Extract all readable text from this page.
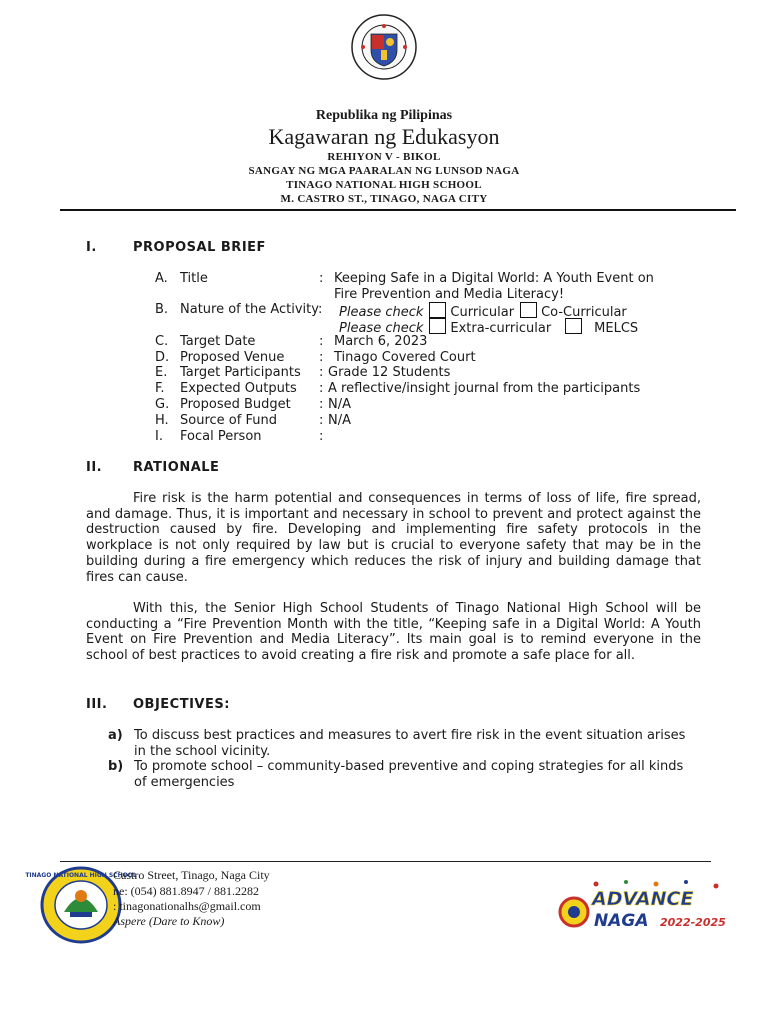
Republika ng Pilipinas
Kagawaran ng Edukasyon
REHIYON V - BIKOL
SANGAY NG MGA PAARALAN NG LUNSOD NAGA
TINAGO NATIONAL HIGH SCHOOL
M. CASTRO ST., TINAGO, NAGA CITY
I.	PROPOSAL BRIEF
A. Title	: Keeping Safe in a Digital World: A Youth Event on
Fire Prevention and Media Literacy!
B. Nature of the Activity: Please check Curricular Co-Curricular
Please check Extra-curricular	MELCS
C. Target Date	: March 6, 2023
D. Proposed Venue	: Tinago Covered Court
E. Target Participants : Grade 12 Students
F. Expected Outputs : A reflective/insight journal from the participants
G. Proposed Budget : N/A
H. Source of Fund	: N/A
I. Focal Person	:
II. RATIONALE
Fire risk is the harm potential and consequences in terms of loss of life, fire spread, and damage. Thus, it is important and necessary in school to prevent and protect against the destruction caused by fire. Developing and implementing fire safety protocols in the workplace is not only required by law but is crucial to everyone safety that may be in the building during a fire emergency which reduces the risk of injury and building damage that fires can cause.
With this, the Senior High School Students of Tinago National High School will be conducting a “Fire Prevention Month with the title, “Keeping safe in a Digital World: A Youth Event on Fire Prevention and Media Literacy”. Its main goal is to remind everyone in the school of best practices to avoid creating a fire risk and promote a safe place for all.
III. OBJECTIVES:
a) To discuss best practices and measures to avert fire risk in the event situation arises in the school vicinity.
b) To promote school – community-based preventive and coping strategies for all kinds of emergencies
TINAGO NATIONAL HIGH SCHOOL
Castro Street, Tinago, Naga City
ne: (054) 881.8947 / 881.2282
: tinagonationalhs@gmail.com
Aspere (Dare to Know)
ADVANCE
NAGA 2022-2025
